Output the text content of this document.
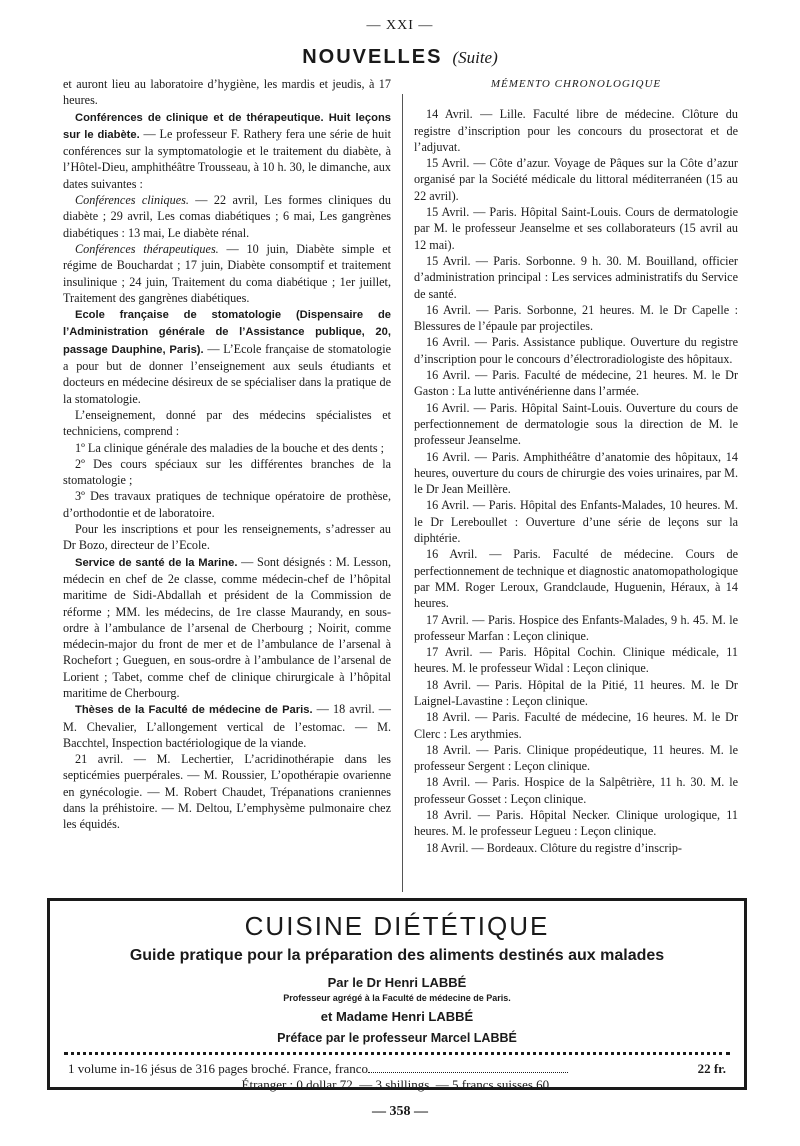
— XXI —
NOUVELLES (Suite)

et auront lieu au laboratoire d’hygiène, les mardis et jeudis, à 17 heures.

Conférences de clinique et de thérapeutique. Huit leçons sur le diabète. — Le professeur F. Rathery fera une série de huit conférences sur la symptomatologie et le traitement du diabète, à l’Hôtel-Dieu, amphithéâtre Trousseau, à 10 h. 30, le dimanche, aux dates suivantes :

Conférences cliniques. — 22 avril, Les formes cliniques du diabète ; 29 avril, Les comas diabétiques ; 6 mai, Les gangrènes diabétiques : 13 mai, Le diabète rénal.

Conférences thérapeutiques. — 10 juin, Diabète simple et régime de Bouchardat ; 17 juin, Diabète consomptif et traitement insulinique ; 24 juin, Traitement du coma diabétique ; 1er juillet, Traitement des gangrènes diabétiques.

Ecole française de stomatologie (Dispensaire de l’Administration générale de l’Assistance publique, 20, passage Dauphine, Paris). — L’Ecole française de stomatologie a pour but de donner l’enseignement aux seuls étudiants et docteurs en médecine désireux de se spécialiser dans la pratique de la stomatologie.

L’enseignement, donné par des médecins spécialistes et techniciens, comprend :

1º La clinique générale des maladies de la bouche et des dents ;

2º Des cours spéciaux sur les différentes branches de la stomatologie ;

3º Des travaux pratiques de technique opératoire de prothèse, d’orthodontie et de laboratoire.

Pour les inscriptions et pour les renseignements, s’adresser au Dr Bozo, directeur de l’Ecole.

Service de santé de la Marine. — Sont désignés : M. Lesson, médecin en chef de 2e classe, comme médecin-chef de l’hôpital maritime de Sidi-Abdallah et président de la Commission de réforme ; MM. les médecins, de 1re classe Maurandy, en sous-ordre à l’ambulance de l’arsenal de Cherbourg ; Noirit, comme médecin-major du front de mer et de l’ambulance de l’arsenal à Rochefort ; Gueguen, en sous-ordre à l’ambulance de l’arsenal de Lorient ; Tabet, comme chef de clinique chirurgicale à l’hôpital maritime de Cherbourg.

Thèses de la Faculté de médecine de Paris. — 18 avril. — M. Chevalier, L’allongement vertical de l’estomac. — M. Bacchtel, Inspection bactériologique de la viande.

21 avril. — M. Lechertier, L’acridinothérapie dans les septicémies puerpérales. — M. Roussier, L’opothérapie ovarienne en gynécologie. — M. Robert Chaudet, Trépanations craniennes dans la préhistoire. — M. Deltou, L’emphysème pulmonaire chez les équidés.

MÉMENTO CHRONOLOGIQUE

14 Avril. — Lille. Faculté libre de médecine. Clôture du registre d’inscription pour les concours du prosectorat et de l’adjuvat.

15 Avril. — Côte d’azur. Voyage de Pâques sur la Côte d’azur organisé par la Société médicale du littoral méditerranéen (15 au 22 avril).

15 Avril. — Paris. Hôpital Saint-Louis. Cours de dermatologie par M. le professeur Jeanselme et ses collaborateurs (15 avril au 12 mai).

15 Avril. — Paris. Sorbonne. 9 h. 30. M. Bouilland, officier d’administration principal : Les services administratifs du Service de santé.

16 Avril. — Paris. Sorbonne, 21 heures. M. le Dr Capelle : Blessures de l’épaule par projectiles.

16 Avril. — Paris. Assistance publique. Ouverture du registre d’inscription pour le concours d’électroradiologiste des hôpitaux.

16 Avril. — Paris. Faculté de médecine, 21 heures. M. le Dr Gaston : La lutte antivénérienne dans l’armée.

16 Avril. — Paris. Hôpital Saint-Louis. Ouverture du cours de perfectionnement de dermatologie sous la direction de M. le professeur Jeanselme.

16 Avril. — Paris. Amphithéâtre d’anatomie des hôpitaux, 14 heures, ouverture du cours de chirurgie des voies urinaires, par M. le Dr Jean Meillère.

16 Avril. — Paris. Hôpital des Enfants-Malades, 10 heures. M. le Dr Lereboullet : Ouverture d’une série de leçons sur la diphtérie.

16 Avril. — Paris. Faculté de médecine. Cours de perfectionnement de technique et diagnostic anatomopathologique par MM. Roger Leroux, Grandclaude, Huguenin, Héraux, à 14 heures.

17 Avril. — Paris. Hospice des Enfants-Malades, 9 h. 45. M. le professeur Marfan : Leçon clinique.

17 Avril. — Paris. Hôpital Cochin. Clinique médicale, 11 heures. M. le professeur Widal : Leçon clinique.

18 Avril. — Paris. Hôpital de la Pitié, 11 heures. M. le Dr Laignel-Lavastine : Leçon clinique.

18 Avril. — Paris. Faculté de médecine, 16 heures. M. le Dr Clerc : Les arythmies.

18 Avril. — Paris. Clinique propédeutique, 11 heures. M. le professeur Sergent : Leçon clinique.

18 Avril. — Paris. Hospice de la Salpêtrière, 11 h. 30. M. le professeur Gosset : Leçon clinique.

18 Avril. — Paris. Hôpital Necker. Clinique urologique, 11 heures. M. le professeur Legueu : Leçon clinique.

18 Avril. — Bordeaux. Clôture du registre d’inscrip-

CUISINE DIÉTÉTIQUE
Guide pratique pour la préparation des aliments destinés aux malades
Par le Dr Henri LABBÉ
Professeur agrégé à la Faculté de médecine de Paris.
et Madame Henri LABBÉ
Préface par le professeur Marcel LABBÉ
1 volume in-16 jésus de 316 pages broché. France, franco	22 fr.
Étranger : 0 dollar 72. — 3 shillings. — 5 francs suisses 60.
— 358 —
